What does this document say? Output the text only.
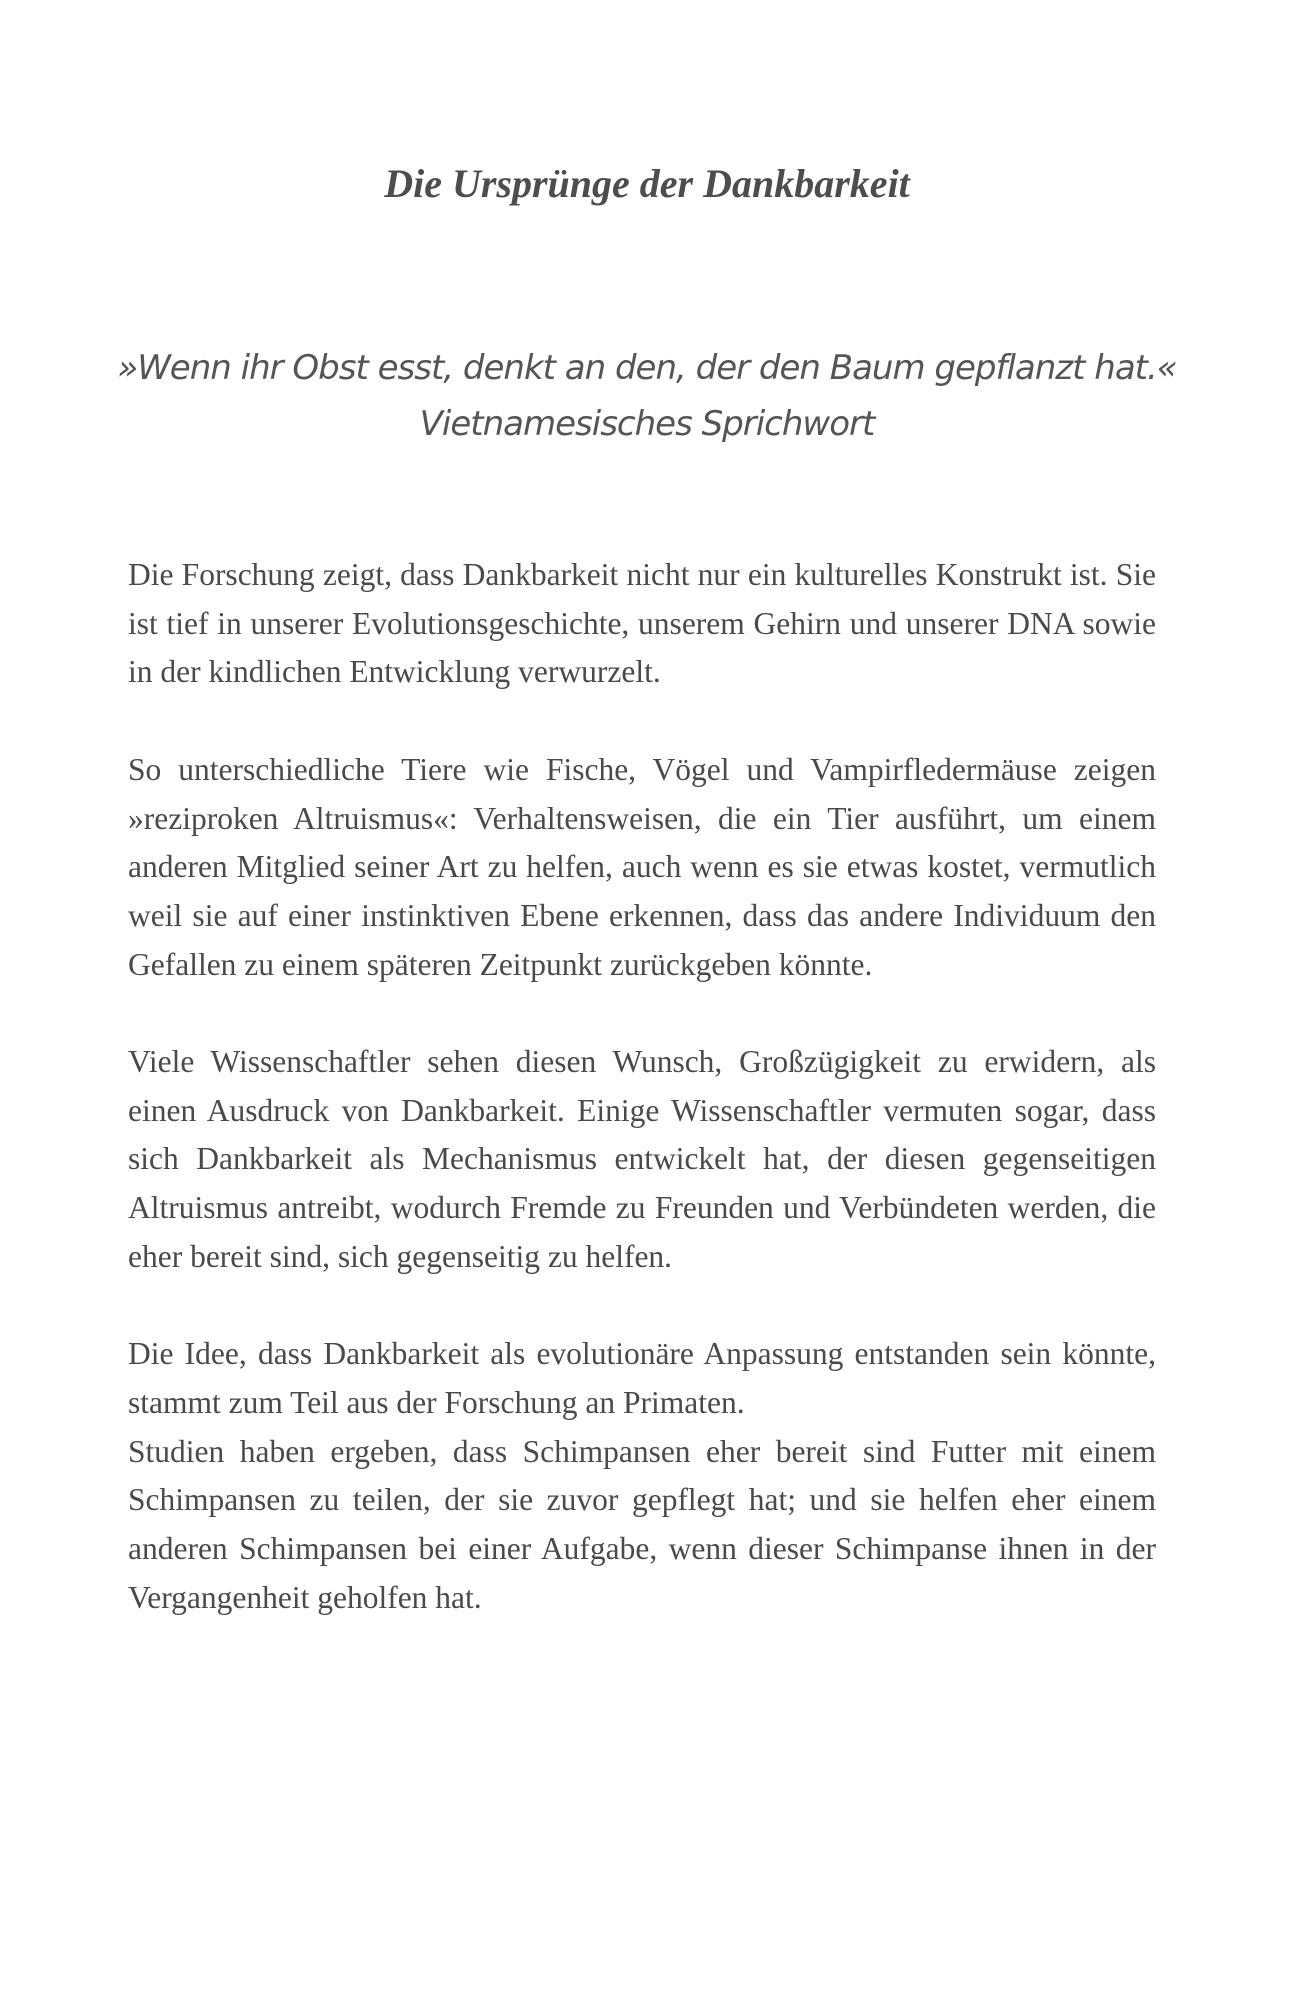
Die Ursprünge der Dankbarkeit
»Wenn ihr Obst esst, denkt an den, der den Baum gepflanzt hat.«
Vietnamesisches Sprichwort

Die Forschung zeigt, dass Dankbarkeit nicht nur ein kulturelles Konstrukt ist. Sie ist tief in unserer Evolutionsgeschichte, unserem Gehirn und unserer DNA sowie in der kindlichen Entwicklung verwurzelt.

So unterschiedliche Tiere wie Fische, Vögel und Vampirfledermäuse zeigen »reziproken Altruismus«: Verhaltensweisen, die ein Tier ausführt, um einem anderen Mitglied seiner Art zu helfen, auch wenn es sie etwas kostet, vermutlich weil sie auf einer instinktiven Ebene erkennen, dass das andere Individuum den Gefallen zu einem späteren Zeitpunkt zurückgeben könnte.

Viele Wissenschaftler sehen diesen Wunsch, Großzügigkeit zu erwidern, als einen Ausdruck von Dankbarkeit. Einige Wissenschaftler vermuten sogar, dass sich Dankbarkeit als Mechanismus entwickelt hat, der diesen gegenseitigen Altruismus antreibt, wodurch Fremde zu Freunden und Verbündeten werden, die eher bereit sind, sich gegenseitig zu helfen.

Die Idee, dass Dankbarkeit als evolutionäre Anpassung entstanden sein könnte, stammt zum Teil aus der Forschung an Primaten.

Studien haben ergeben, dass Schimpansen eher bereit sind Futter mit einem Schimpansen zu teilen, der sie zuvor gepflegt hat; und sie helfen eher einem anderen Schimpansen bei einer Aufgabe, wenn dieser Schimpanse ihnen in der Vergangenheit geholfen hat.
